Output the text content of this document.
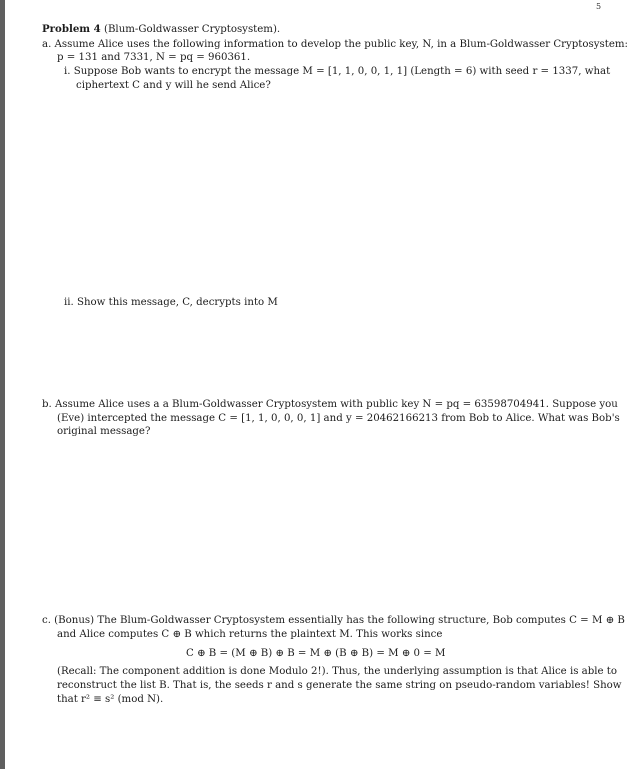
5
Problem 4 (Blum-Goldwasser Cryptosystem).
a. Assume Alice uses the following information to develop the public key, N, in a Blum-Goldwasser Cryptosystem:
p = 131 and 7331, N = pq = 960361.
i. Suppose Bob wants to encrypt the message M = [1, 1, 0, 0, 1, 1] (Length = 6) with seed r = 1337, what
ciphertext C and y will he send Alice?
ii. Show this message, C, decrypts into M
b. Assume Alice uses a a Blum-Goldwasser Cryptosystem with public key N = pq = 63598704941. Suppose you
(Eve) intercepted the message C = [1, 1, 0, 0, 0, 1] and y = 20462166213 from Bob to Alice. What was Bob's
original message?
c. (Bonus) The Blum-Goldwasser Cryptosystem essentially has the following structure, Bob computes C = M ⊕ B
and Alice computes C ⊕ B which returns the plaintext M. This works since
C ⊕ B = (M ⊕ B) ⊕ B = M ⊕ (B ⊕ B) = M ⊕ 0 = M
(Recall: The component addition is done Modulo 2!). Thus, the underlying assumption is that Alice is able to
reconstruct the list B. That is, the seeds r and s generate the same string on pseudo-random variables! Show
that r² ≡ s² (mod N).
